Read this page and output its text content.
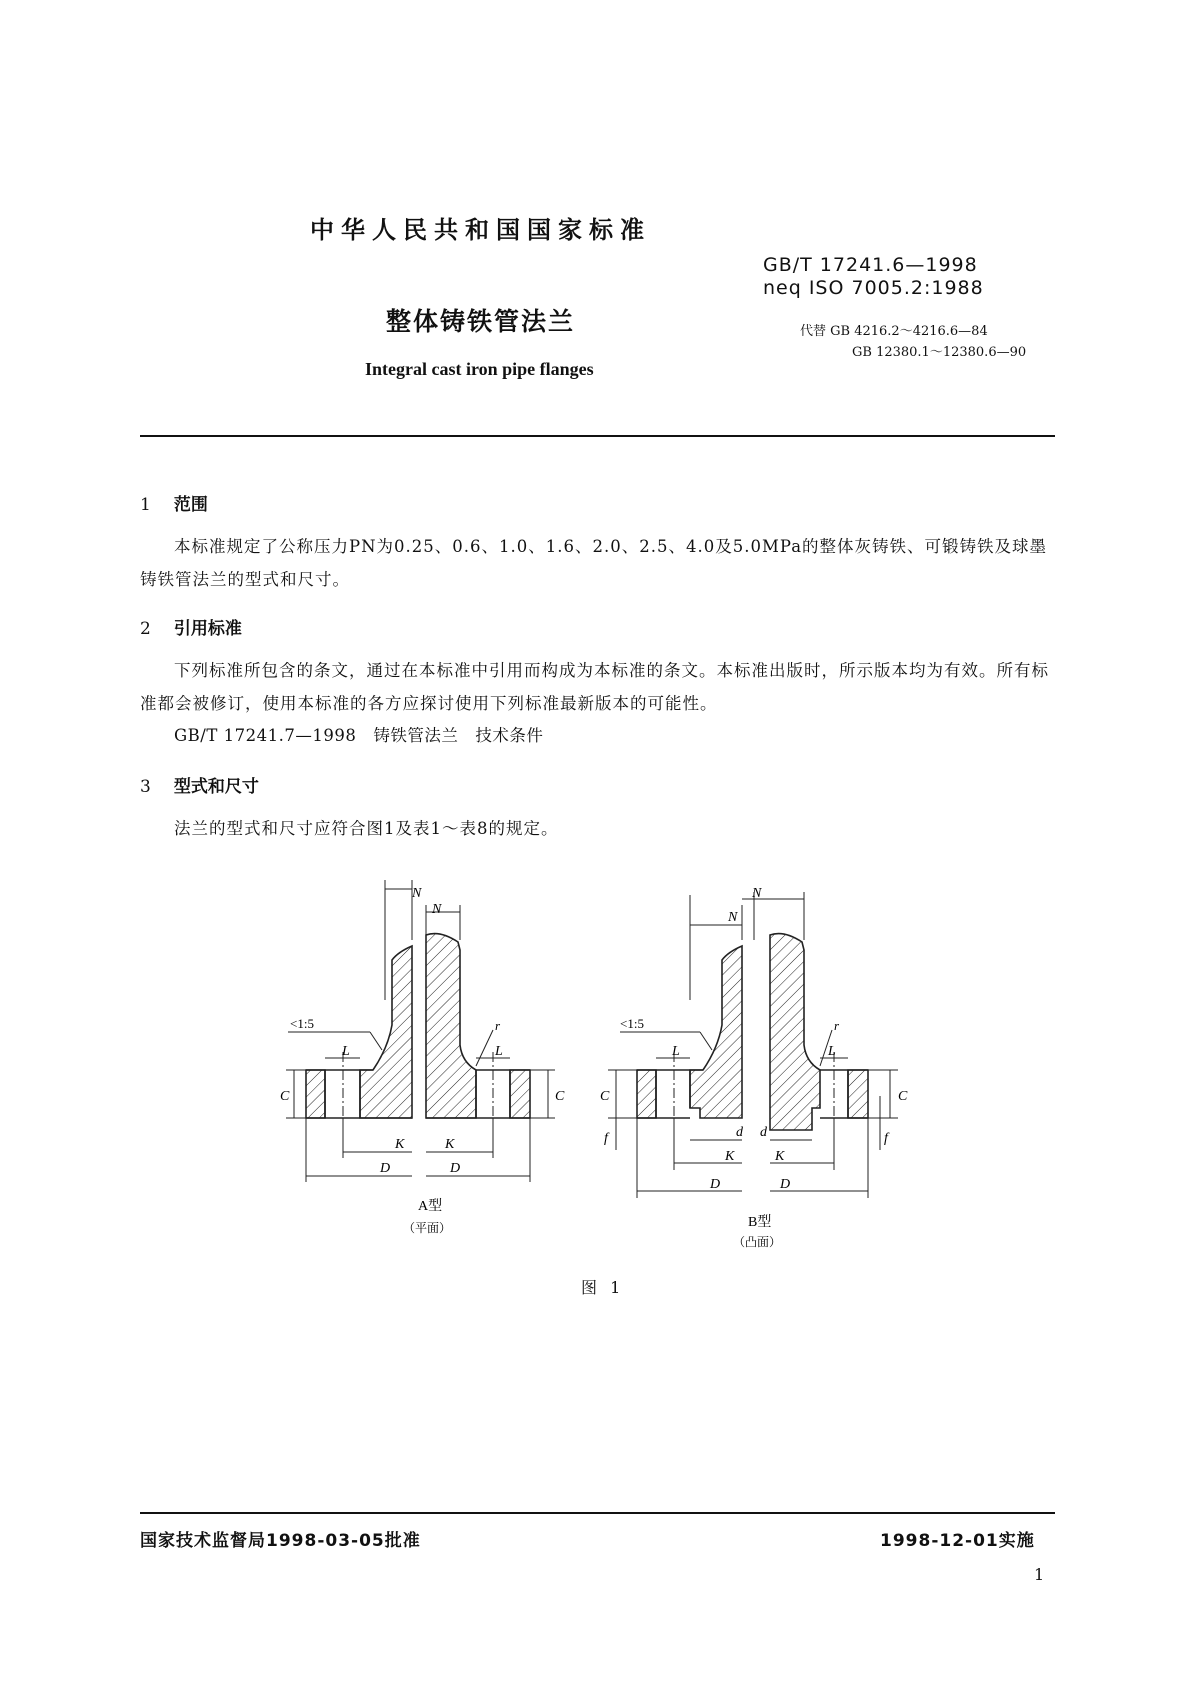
中华人民共和国国家标准
GB/T 17241.6—1998
neq ISO 7005.2:1988
整体铸铁管法兰	代替 GB 4216.2～4216.6—84
GB 12380.1～12380.6—90
Integral cast iron pipe flanges
1 范围
本标准规定了公称压力PN为0.25、0.6、1.0、1.6、2.0、2.5、4.0及5.0MPa的整体灰铸铁、可锻铸铁及球墨铸铁管法兰的型式和尺寸。
2 引用标准
下列标准所包含的条文，通过在本标准中引用而构成为本标准的条文。本标准出版时，所示版本均为有效。所有标准都会被修订，使用本标准的各方应探讨使用下列标准最新版本的可能性。
GB/T 17241.7—1998　铸铁管法兰　技术条件
3 型式和尺寸
法兰的型式和尺寸应符合图1及表1～表8的规定。
N
N
<1:5	r
L	L
C	C
K	K
D	D
A型
（平面）
N
N
<1:5	r
L	L
C	C
f	f
d d
K	K
D	D
B型
（凸面）
图 1
国家技术监督局1998-03-05批准	1998-12-01实施
1
